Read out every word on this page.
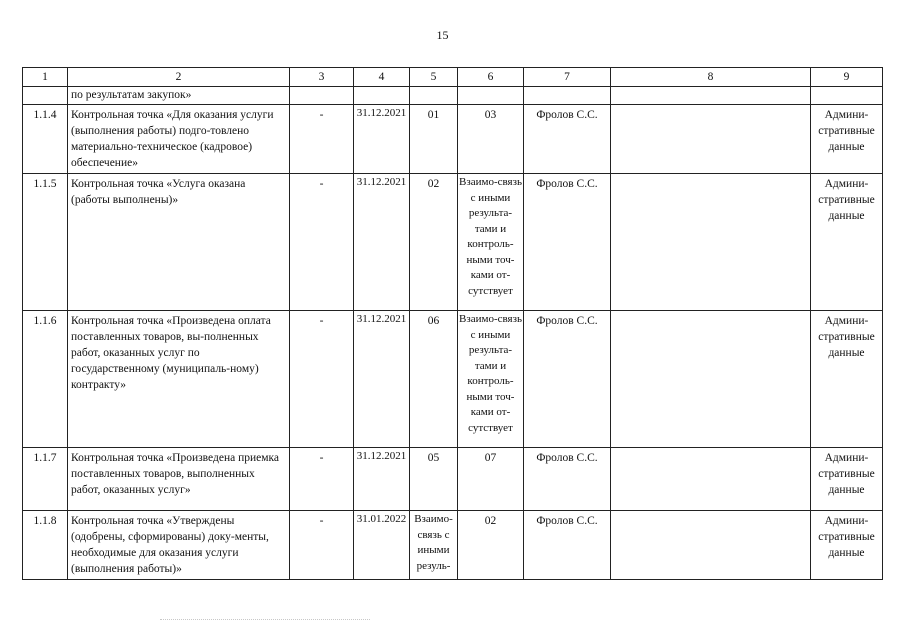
15
1	2	3	4	5	6	7	8	9
	по результатам закупок»							
1.1.4	Контрольная точка «Для оказания услуги (выполнения работы) подго-товлено материально-техническое (кадровое) обеспечение»	-	31.12.2021	01	03	Фролов С.С.		Админи-стративные данные
1.1.5	Контрольная точка «Услуга оказана (работы выполнены)»	-	31.12.2021	02	Взаимо-связь с иными результа-тами и контроль-ными точ-ками от-сутствует	Фролов С.С.		Админи-стративные данные
1.1.6	Контрольная точка «Произведена оплата поставленных товаров, вы-полненных работ, оказанных услуг по государственному (муниципаль-ному) контракту»	-	31.12.2021	06	Взаимо-связь с иными результа-тами и контроль-ными точ-ками от-сутствует	Фролов С.С.		Админи-стративные данные
1.1.7	Контрольная точка «Произведена приемка поставленных товаров, выполненных работ, оказанных услуг»	-	31.12.2021	05	07	Фролов С.С.		Админи-стративные данные
1.1.8	Контрольная точка «Утверждены (одобрены, сформированы) доку-менты, необходимые для оказания услуги (выполнения работы)»	-	31.01.2022	Взаимо-связь с иными резуль-	02	Фролов С.С.		Админи-стративные данные
